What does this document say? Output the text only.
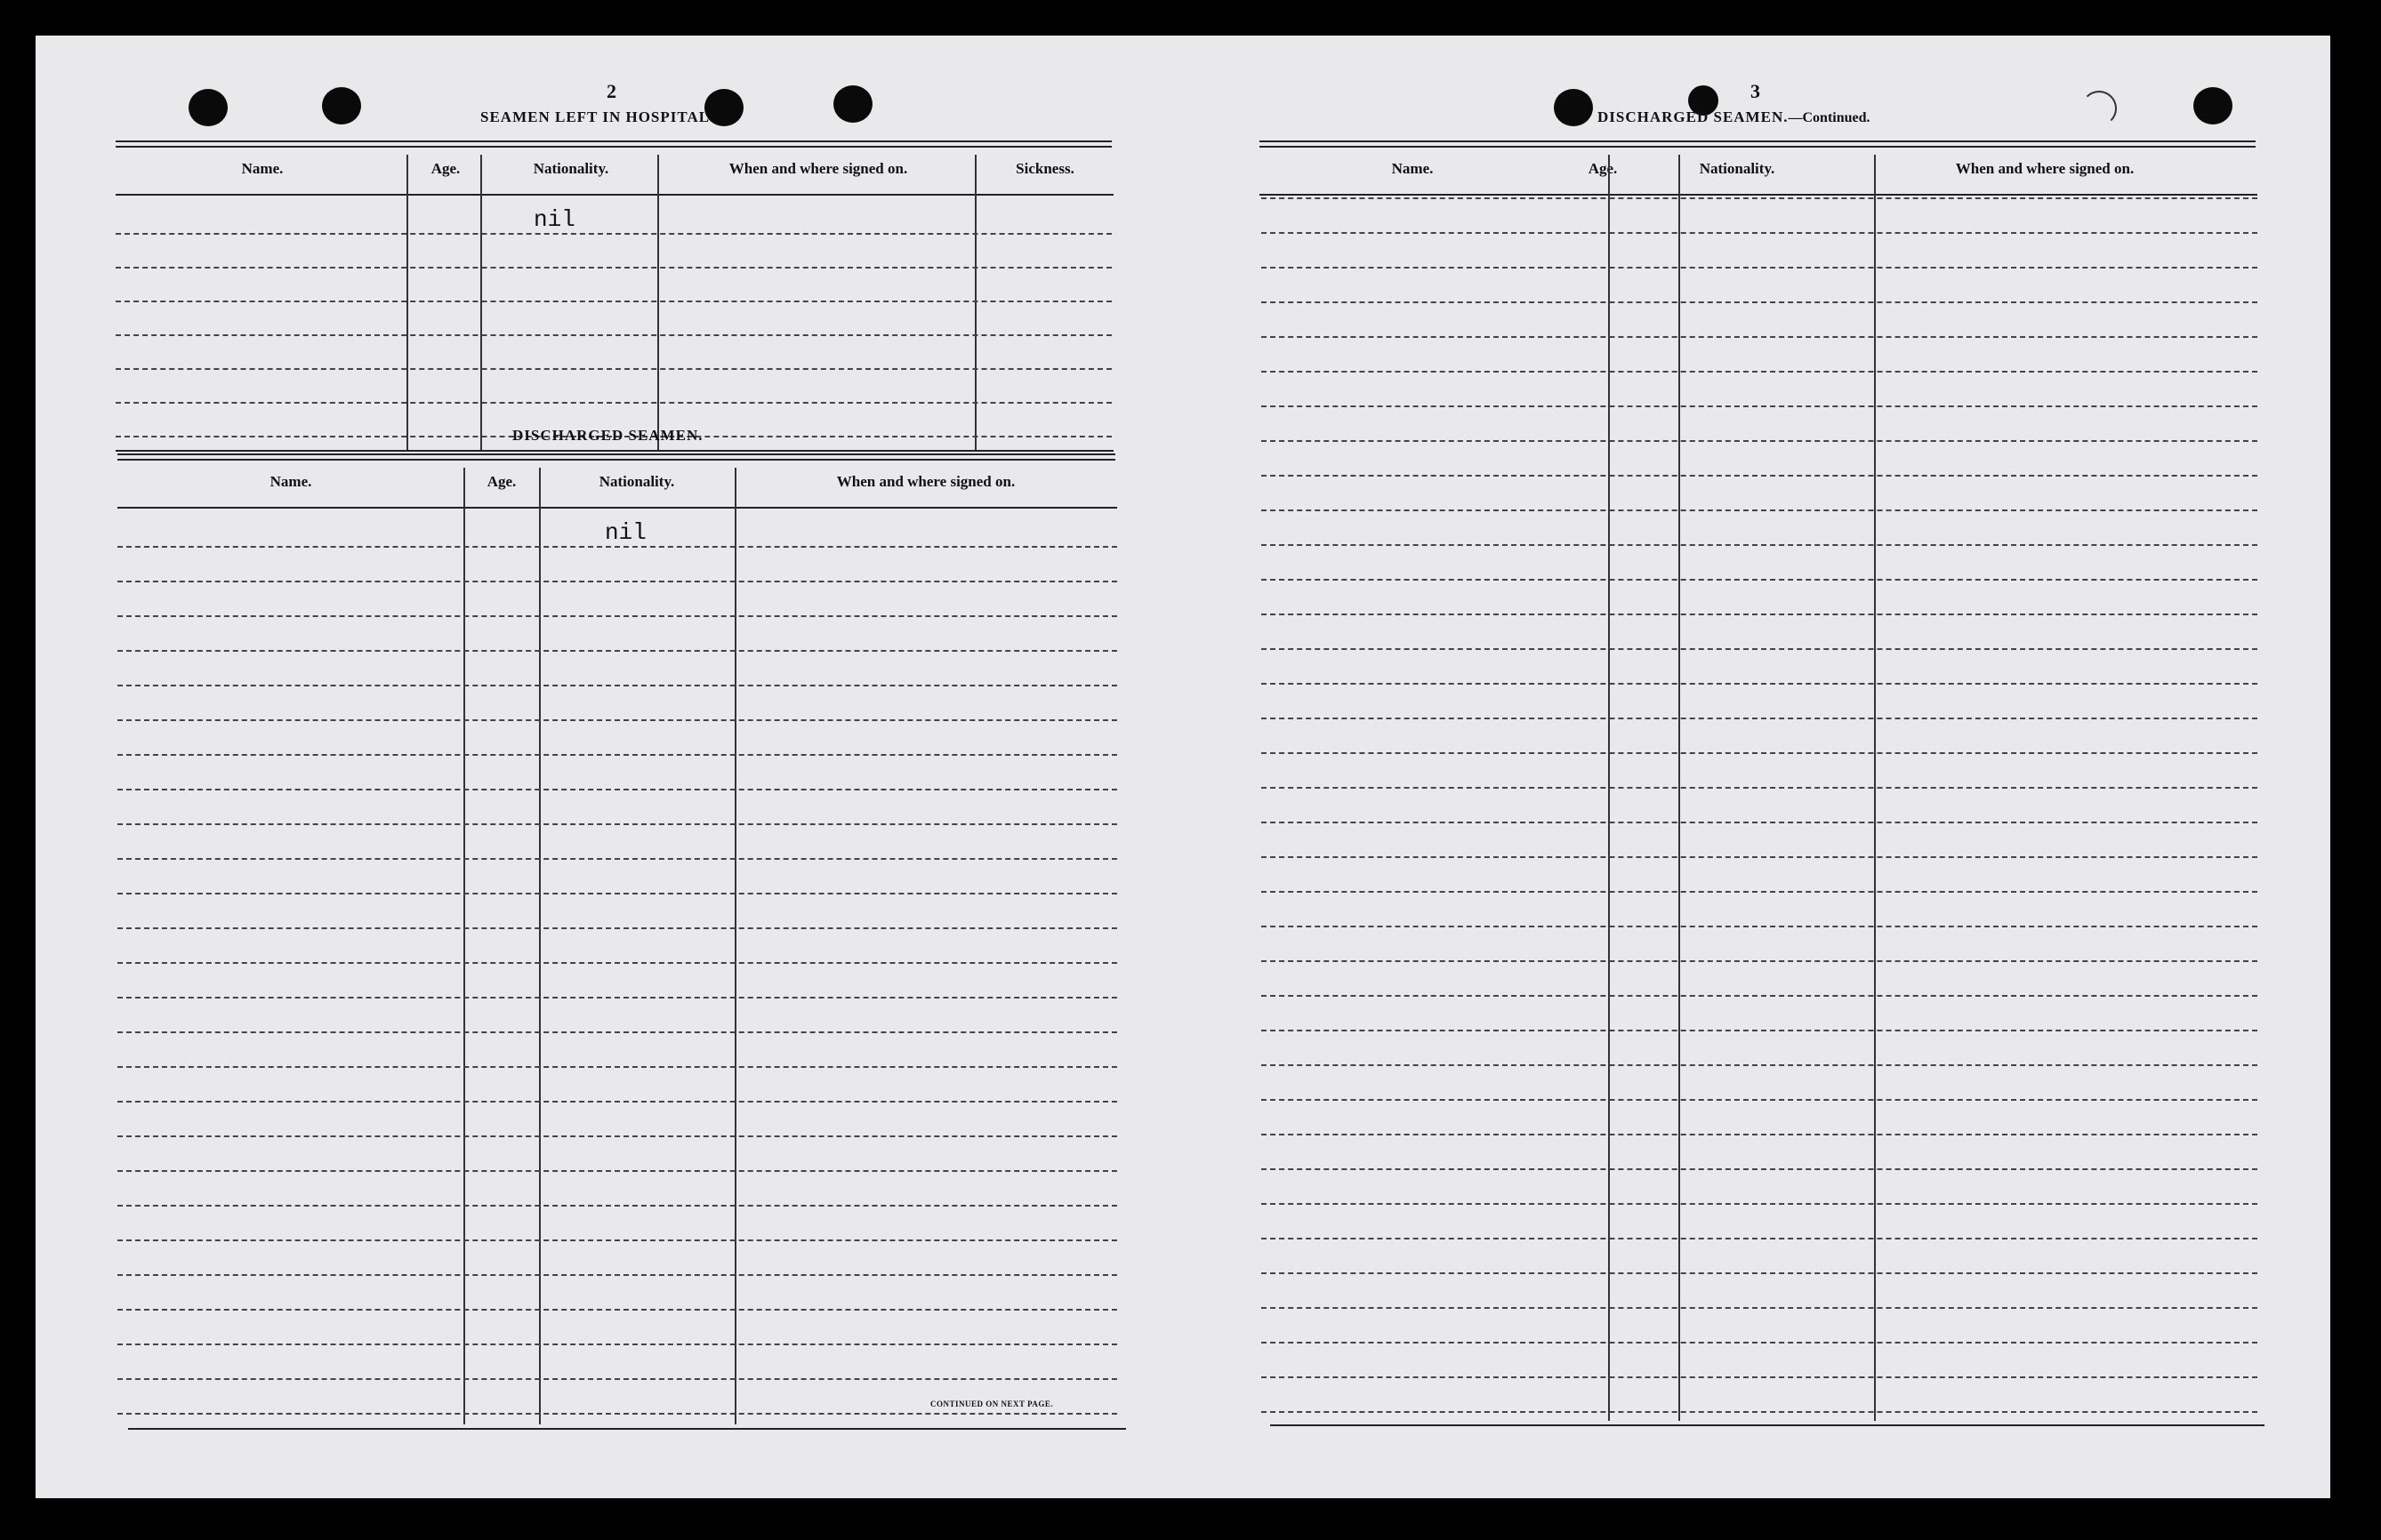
2
SEAMEN LEFT IN HOSPITAL.
Name.	Age.	Nationality.	When and where signed on.	Sickness.
nil
DISCHARGED SEAMEN.
Name.	Age.	Nationality.	When and where signed on.
nil
CONTINUED ON NEXT PAGE.
3
DISCHARGED SEAMEN.—Continued.
Name.	Age.	Nationality.	When and where signed on.
